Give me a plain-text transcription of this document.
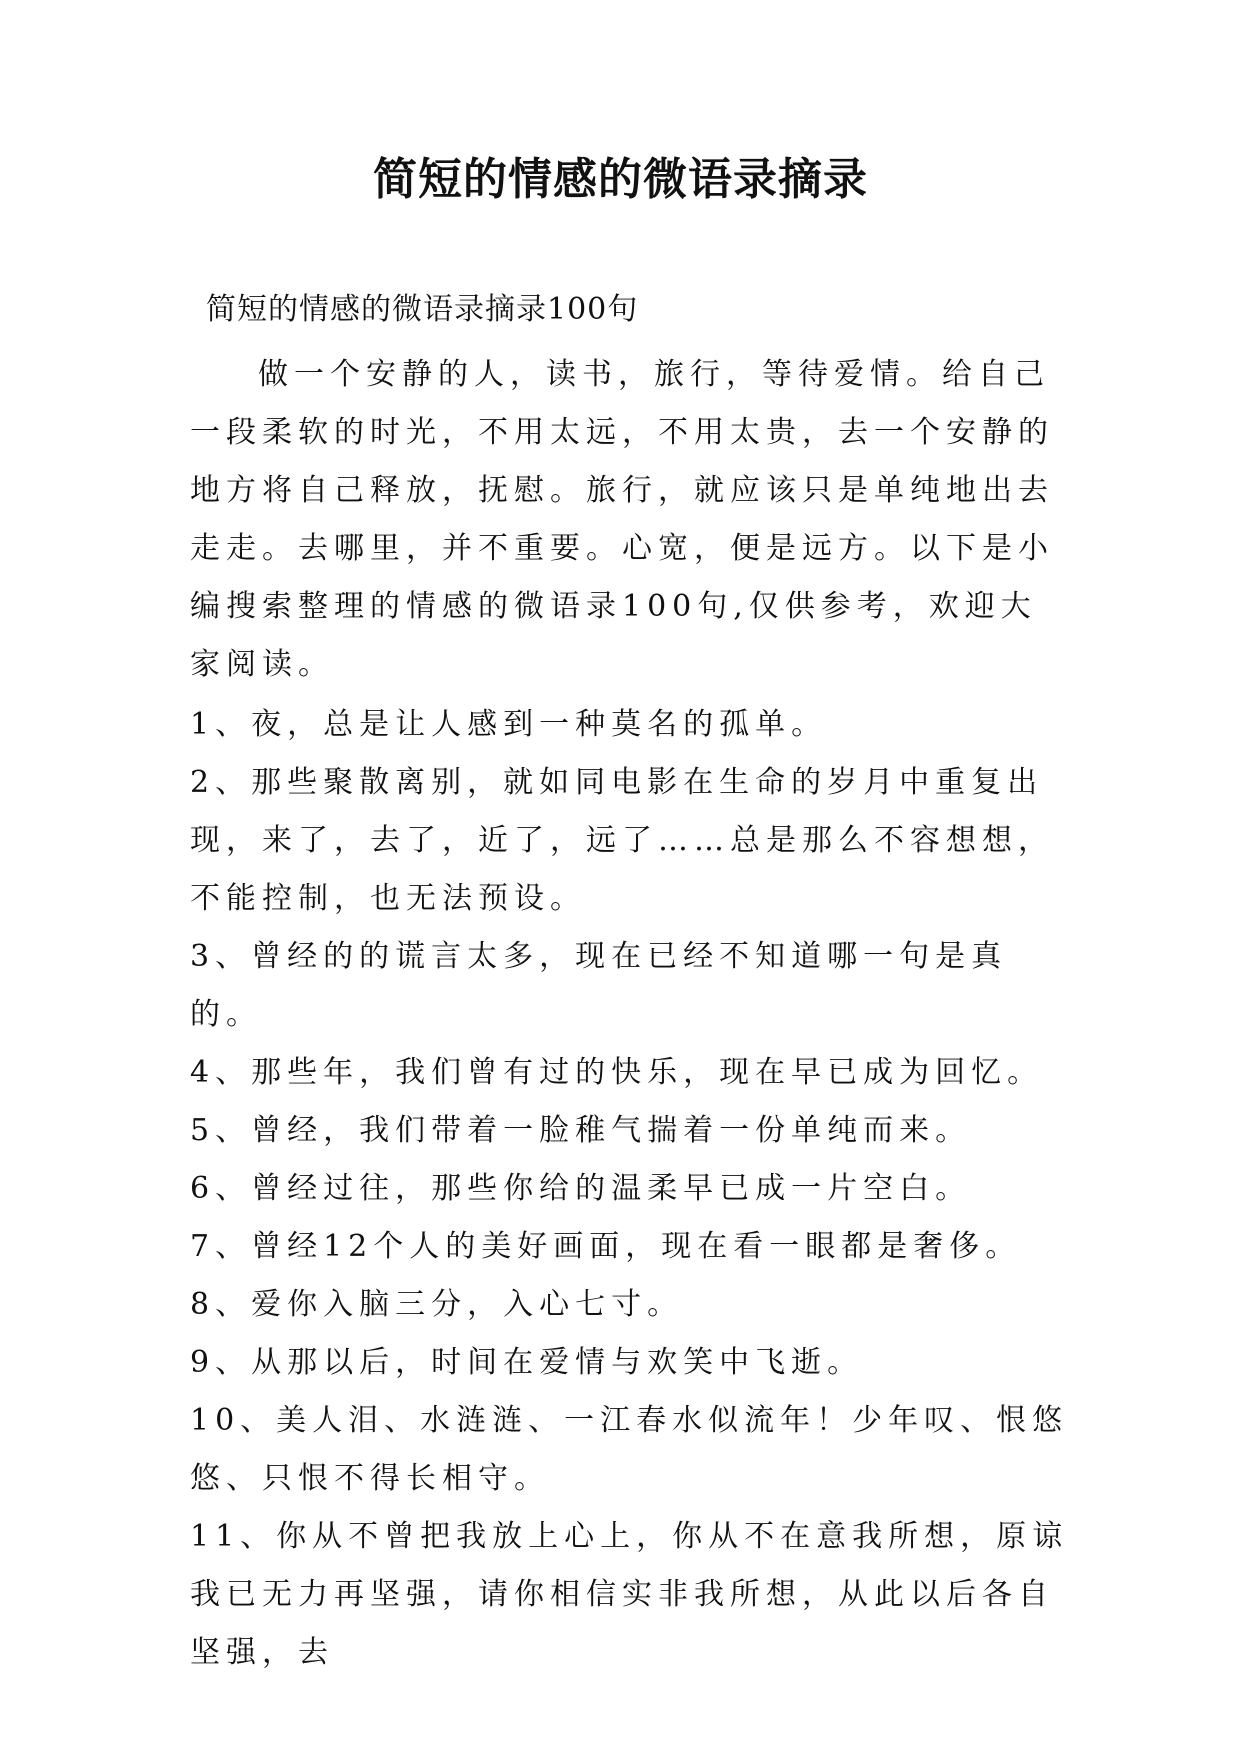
简短的情感的微语录摘录
简短的情感的微语录摘录100句
做一个安静的人，读书，旅行，等待爱情。给自己一段柔软的时光，不用太远，不用太贵，去一个安静的地方将自己释放，抚慰。旅行，就应该只是单纯地出去走走。去哪里，并不重要。心宽，便是远方。以下是小编搜索整理的情感的微语录100句,仅供参考，欢迎大家阅读。
1、夜，总是让人感到一种莫名的孤单。
2、那些聚散离别，就如同电影在生命的岁月中重复出现，来了，去了，近了，远了……总是那么不容想想，不能控制，也无法预设。
3、曾经的的谎言太多，现在已经不知道哪一句是真的。
4、那些年，我们曾有过的快乐，现在早已成为回忆。
5、曾经，我们带着一脸稚气揣着一份单纯而来。
6、曾经过往，那些你给的温柔早已成一片空白。
7、曾经12个人的美好画面，现在看一眼都是奢侈。
8、爱你入脑三分，入心七寸。
9、从那以后，时间在爱情与欢笑中飞逝。
10、美人泪、水涟涟、一江春水似流年！少年叹、恨悠悠、只恨不得长相守。
11、你从不曾把我放上心上，你从不在意我所想，原谅我已无力再坚强，请你相信实非我所想，从此以后各自坚强，去
